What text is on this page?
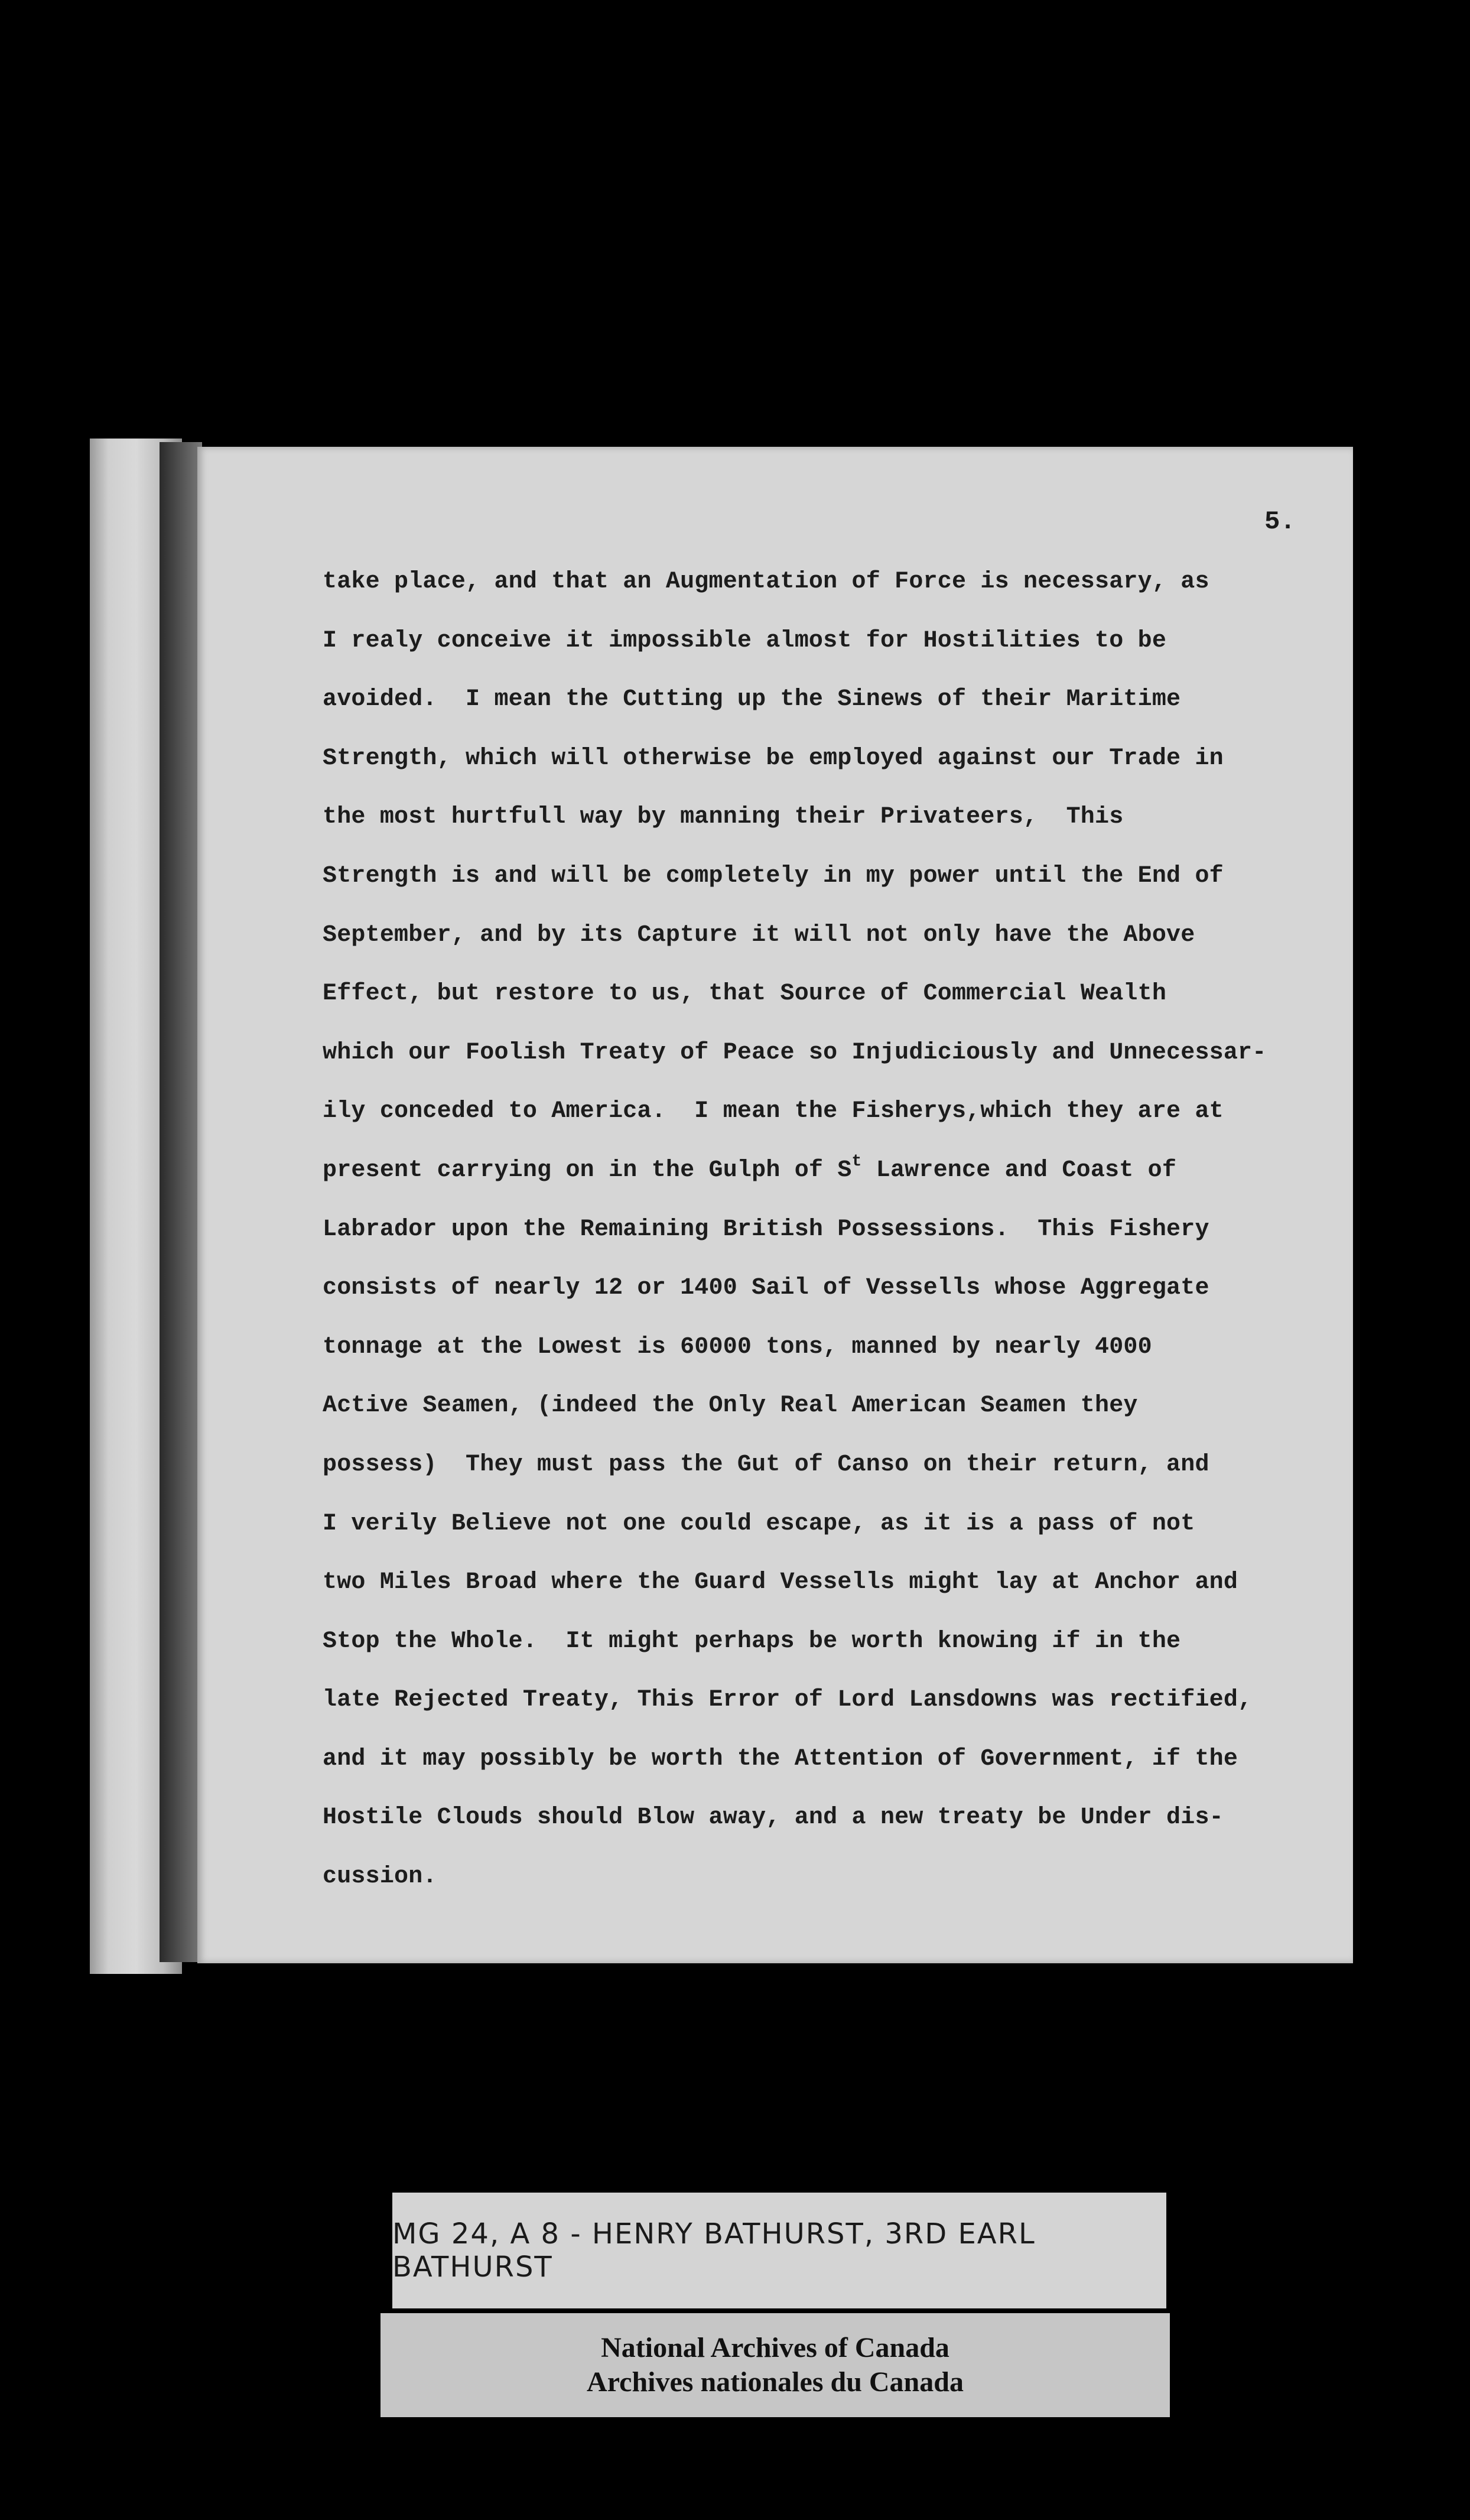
5.
take place, and that an Augmentation of Force is necessary, as
I realy conceive it impossible almost for Hostilities to be
avoided.  I mean the Cutting up the Sinews of their Maritime
Strength, which will otherwise be employed against our Trade in
the most hurtfull way by manning their Privateers,  This
Strength is and will be completely in my power until the End of
September, and by its Capture it will not only have the Above
Effect, but restore to us, that Source of Commercial Wealth
which our Foolish Treaty of Peace so Injudiciously and Unnecessar-
ily conceded to America.  I mean the Fisherys,which they are at
present carrying on in the Gulph of $S^t$ Lawrence and Coast of
Labrador upon the Remaining British Possessions.  This Fishery
consists of nearly 12 or 1400 Sail of Vessells whose Aggregate
tonnage at the Lowest is 60000 tons, manned by nearly 4000
Active Seamen, (indeed the Only Real American Seamen they
possess)  They must pass the Gut of Canso on their return, and
I verily Believe not one could escape, as it is a pass of not
two Miles Broad where the Guard Vessells might lay at Anchor and
Stop the Whole.  It might perhaps be worth knowing if in the
late Rejected Treaty, This Error of Lord Lansdowns was rectified,
and it may possibly be worth the Attention of Government, if the
Hostile Clouds should Blow away, and a new treaty be Under dis-
cussion.
MG 24, A 8 - HENRY BATHURST, 3RD EARL BATHURST
National Archives of Canada
Archives nationales du Canada
